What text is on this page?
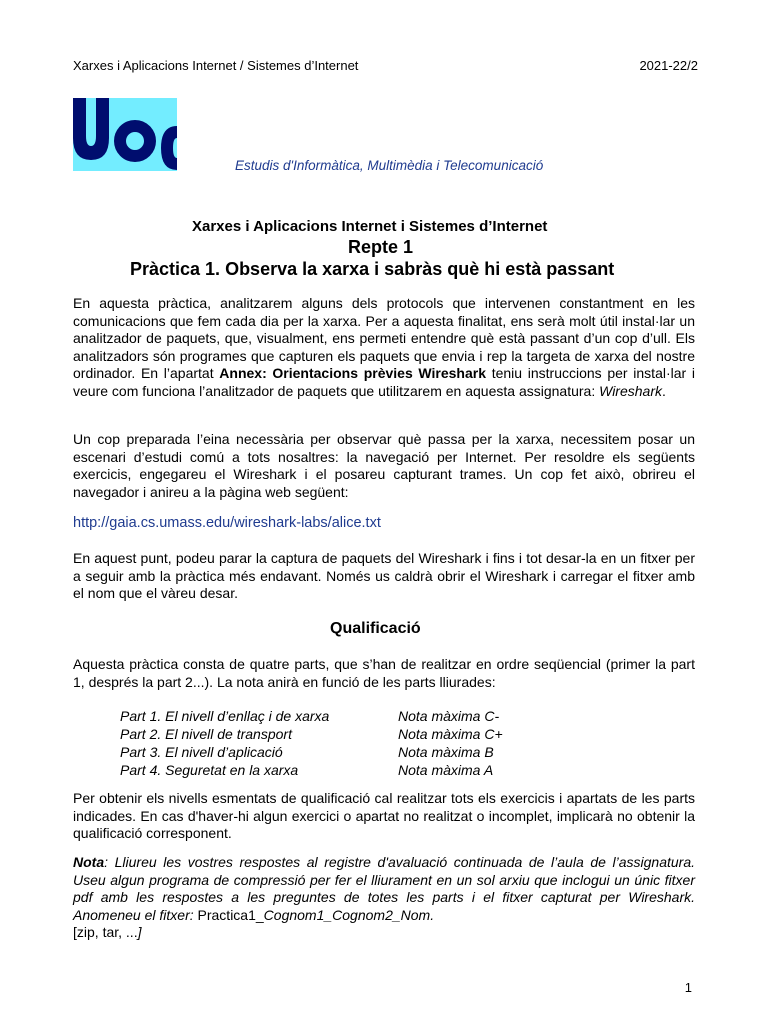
Xarxes i Aplicacions Internet / Sistemes d’Internet	2021-22/2
Estudis d'Informàtica, Multimèdia i Telecomunicació
Xarxes i Aplicacions Internet i Sistemes d’Internet
Repte 1
Pràctica 1. Observa la xarxa i sabràs què hi està passant
En aquesta pràctica, analitzarem alguns dels protocols que intervenen constantment en les comunicacions que fem cada dia per la xarxa. Per a aquesta finalitat, ens serà molt útil instal·lar un analitzador de paquets, que, visualment, ens permeti entendre què està passant d’un cop d’ull. Els analitzadors són programes que capturen els paquets que envia i rep la targeta de xarxa del nostre ordinador. En l’apartat Annex: Orientacions prèvies Wireshark teniu instruccions per instal·lar i veure com funciona l’analitzador de paquets que utilitzarem en aquesta assignatura: Wireshark.
Un cop preparada l’eina necessària per observar què passa per la xarxa, necessitem posar un escenari d’estudi comú a tots nosaltres: la navegació per Internet. Per resoldre els següents exercicis, engegareu el Wireshark i el posareu capturant trames. Un cop fet això, obrireu el navegador i anireu a la pàgina web següent:
http://gaia.cs.umass.edu/wireshark-labs/alice.txt
En aquest punt, podeu parar la captura de paquets del Wireshark i fins i tot desar-la en un fitxer per a seguir amb la pràctica més endavant. Només us caldrà obrir el Wireshark i carregar el fitxer amb el nom que el vàreu desar.
Qualificació
Aquesta pràctica consta de quatre parts, que s’han de realitzar en ordre seqüencial (primer la part 1, després la part 2...). La nota anirà en funció de les parts lliurades:
Part 1. El nivell d’enllaç i de xarxa	Nota màxima C-
Part 2. El nivell de transport	Nota màxima C+
Part 3. El nivell d’aplicació	Nota màxima B
Part 4. Seguretat en la xarxa	Nota màxima A
Per obtenir els nivells esmentats de qualificació cal realitzar tots els exercicis i apartats de les parts indicades. En cas d'haver-hi algun exercici o apartat no realitzat o incomplet, implicarà no obtenir la qualificació corresponent.
Nota: Lliureu les vostres respostes al registre d'avaluació continuada de l’aula de l’assignatura. Useu algun programa de compressió per fer el lliurament en un sol arxiu que inclogui un únic fitxer pdf amb les respostes a les preguntes de totes les parts i el fitxer capturat per Wireshark. Anomeneu el fitxer: Practica1_Cognom1_Cognom2_Nom.
[zip, tar, ...]
1
